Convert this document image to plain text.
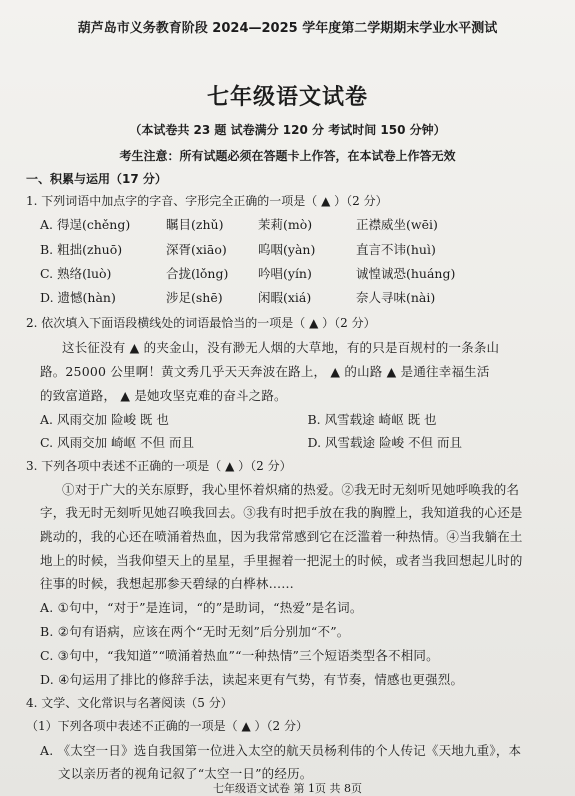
葫芦岛市义务教育阶段 2024—2025 学年度第二学期期末学业水平测试
七年级语文试卷
（本试卷共 23 题 试卷满分 120 分 考试时间 150 分钟）
考生注意：所有试题必须在答题卡上作答，在本试卷上作答无效
一、积累与运用（17 分）
1. 下列词语中加点字的字音、字形完全正确的一项是（ ▲ ）（2 分）
A. 得逞(chěng)	瞩目(zhǔ)	茉莉(mò)	正襟威坐(wēi)
B. 粗拙(zhuō)	深胥(xiāo)	呜咽(yàn)	直言不讳(huì)
C. 熟络(luò)	合拢(lǒng)	吟唱(yín)	诚惶诚恐(huáng)
D. 遗憾(hàn)	涉足(shē)	闲暇(xiá)	奈人寻味(nài)
2. 依次填入下面语段横线处的词语最恰当的一项是（ ▲ ）（2 分）
这长征没有 ▲ 的夹金山，没有渺无人烟的大草地，有的只是百规村的一条条山
路。25000 公里啊！黄文秀几乎天天奔波在路上， ▲ 的山路 ▲ 是通往幸福生活
的致富道路， ▲ 是她攻坚克难的奋斗之路。
A. 风雨交加 险峻 既 也	B. 风雪载途 崎岖 既 也
C. 风雨交加 崎岖 不但 而且	D. 风雪载途 险峻 不但 而且
3. 下列各项中表述不正确的一项是（ ▲ ）（2 分）
①对于广大的关东原野，我心里怀着炽痛的热爱。②我无时无刻听见她呼唤我的名
字，我无时无刻听见她召唤我回去。③我有时把手放在我的胸膛上，我知道我的心还是
跳动的，我的心还在喷涌着热血，因为我常常感到它在泛滥着一种热情。④当我躺在土
地上的时候，当我仰望天上的星星，手里握着一把泥土的时候，或者当我回想起儿时的
往事的时候，我想起那参天碧绿的白桦林……
A. ①句中，“对于”是连词，“的”是助词，“热爱”是名词。
B. ②句有语病，应该在两个“无时无刻”后分别加“不”。
C. ③句中，“我知道”“喷涌着热血”“一种热情”三个短语类型各不相同。
D. ④句运用了排比的修辞手法，读起来更有气势，有节奏，情感也更强烈。
4. 文学、文化常识与名著阅读（5 分）
（1）下列各项中表述不正确的一项是（ ▲ ）（2 分）
A. 《太空一日》选自我国第一位进入太空的航天员杨利伟的个人传记《天地九重》，本
文以亲历者的视角记叙了“太空一日”的经历。
七年级语文试卷 第 1页 共 8页
